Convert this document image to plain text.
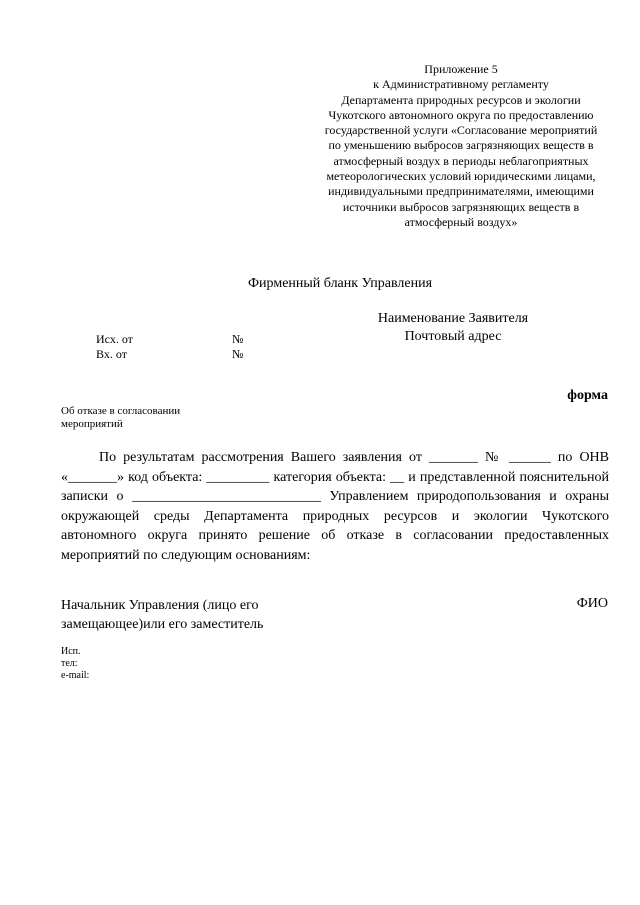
Приложение 5
к Административному регламенту
Департамента природных ресурсов и экологии
Чукотского автономного округа по предоставлению
государственной услуги «Согласование мероприятий
по уменьшению выбросов загрязняющих веществ в
атмосферный воздух в периоды неблагоприятных
метеорологических условий юридическими лицами,
индивидуальными предпринимателями, имеющими
источники выбросов загрязняющих веществ в
атмосферный воздух»
Фирменный бланк Управления
Наименование Заявителя
Почтовый адрес
Исх. от	№
Вх. от	№
форма
Об отказе в согласовании
мероприятий

По результатам рассмотрения Вашего заявления от _______ № ______ по ОНВ «_______» код объекта: _________ категория объекта: __ и представленной пояснительной записки о ___________________________ Управлением природопользования и охраны окружающей среды Департамента природных ресурсов и экологии Чукотского автономного округа принято решение об отказе в согласовании предоставленных мероприятий по следующим основаниям:

Начальник Управления (лицо его
замещающее)или его заместитель
ФИО
Исп.
тел:
e-mail:
